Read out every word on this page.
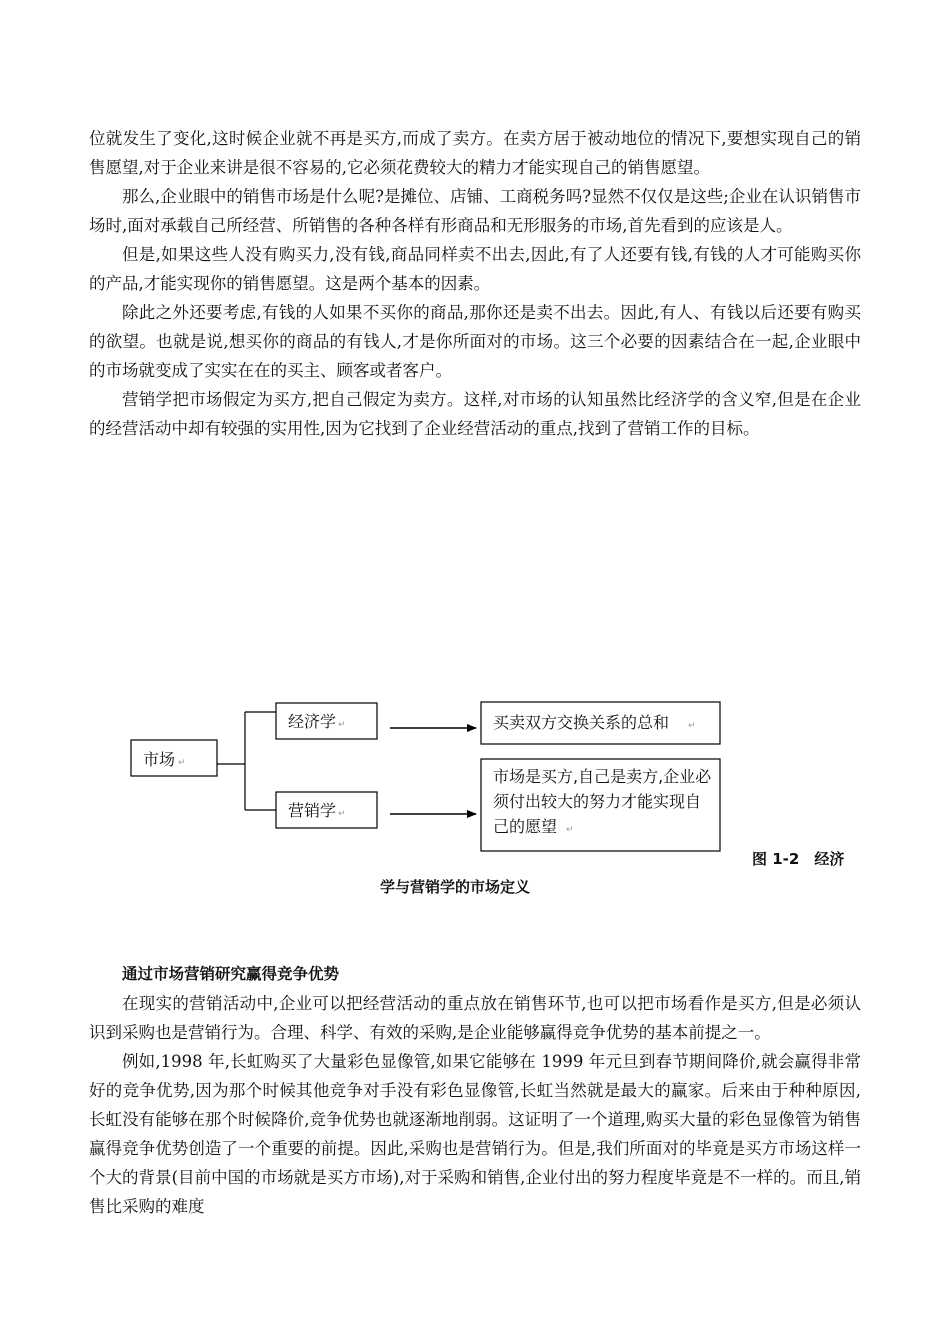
位就发生了变化,这时候企业就不再是买方,而成了卖方。在卖方居于被动地位的情况下,要想实现自己的销售愿望,对于企业来讲是很不容易的,它必须花费较大的精力才能实现自己的销售愿望。

那么,企业眼中的销售市场是什么呢?是摊位、店铺、工商税务吗?显然不仅仅是这些;企业在认识销售市场时,面对承载自己所经营、所销售的各种各样有形商品和无形服务的市场,首先看到的应该是人。

但是,如果这些人没有购买力,没有钱,商品同样卖不出去,因此,有了人还要有钱,有钱的人才可能购买你的产品,才能实现你的销售愿望。这是两个基本的因素。

除此之外还要考虑,有钱的人如果不买你的商品,那你还是卖不出去。因此,有人、有钱以后还要有购买的欲望。也就是说,想买你的商品的有钱人,才是你所面对的市场。这三个必要的因素结合在一起,企业眼中的市场就变成了实实在在的买主、顾客或者客户。

营销学把市场假定为买方,把自己假定为卖方。这样,对市场的认知虽然比经济学的含义窄,但是在企业的经营活动中却有较强的实用性,因为它找到了企业经营活动的重点,找到了营销工作的目标。

市场 ↵
经济学 ↵
营销学 ↵
买卖双方交换关系的总和 ↵
市场是买方,自己是卖方,企业必
须付出较大的努力才能实现自
己的愿望 ↵
图 1-2　经济
学与营销学的市场定义

通过市场营销研究赢得竞争优势

在现实的营销活动中,企业可以把经营活动的重点放在销售环节,也可以把市场看作是买方,但是必须认识到采购也是营销行为。合理、科学、有效的采购,是企业能够赢得竞争优势的基本前提之一。

例如,1998 年,长虹购买了大量彩色显像管,如果它能够在 1999 年元旦到春节期间降价,就会赢得非常好的竞争优势,因为那个时候其他竞争对手没有彩色显像管,长虹当然就是最大的赢家。后来由于种种原因,长虹没有能够在那个时候降价,竞争优势也就逐渐地削弱。这证明了一个道理,购买大量的彩色显像管为销售赢得竞争优势创造了一个重要的前提。因此,采购也是营销行为。但是,我们所面对的毕竟是买方市场这样一个大的背景(目前中国的市场就是买方市场),对于采购和销售,企业付出的努力程度毕竟是不一样的。而且,销售比采购的难度
